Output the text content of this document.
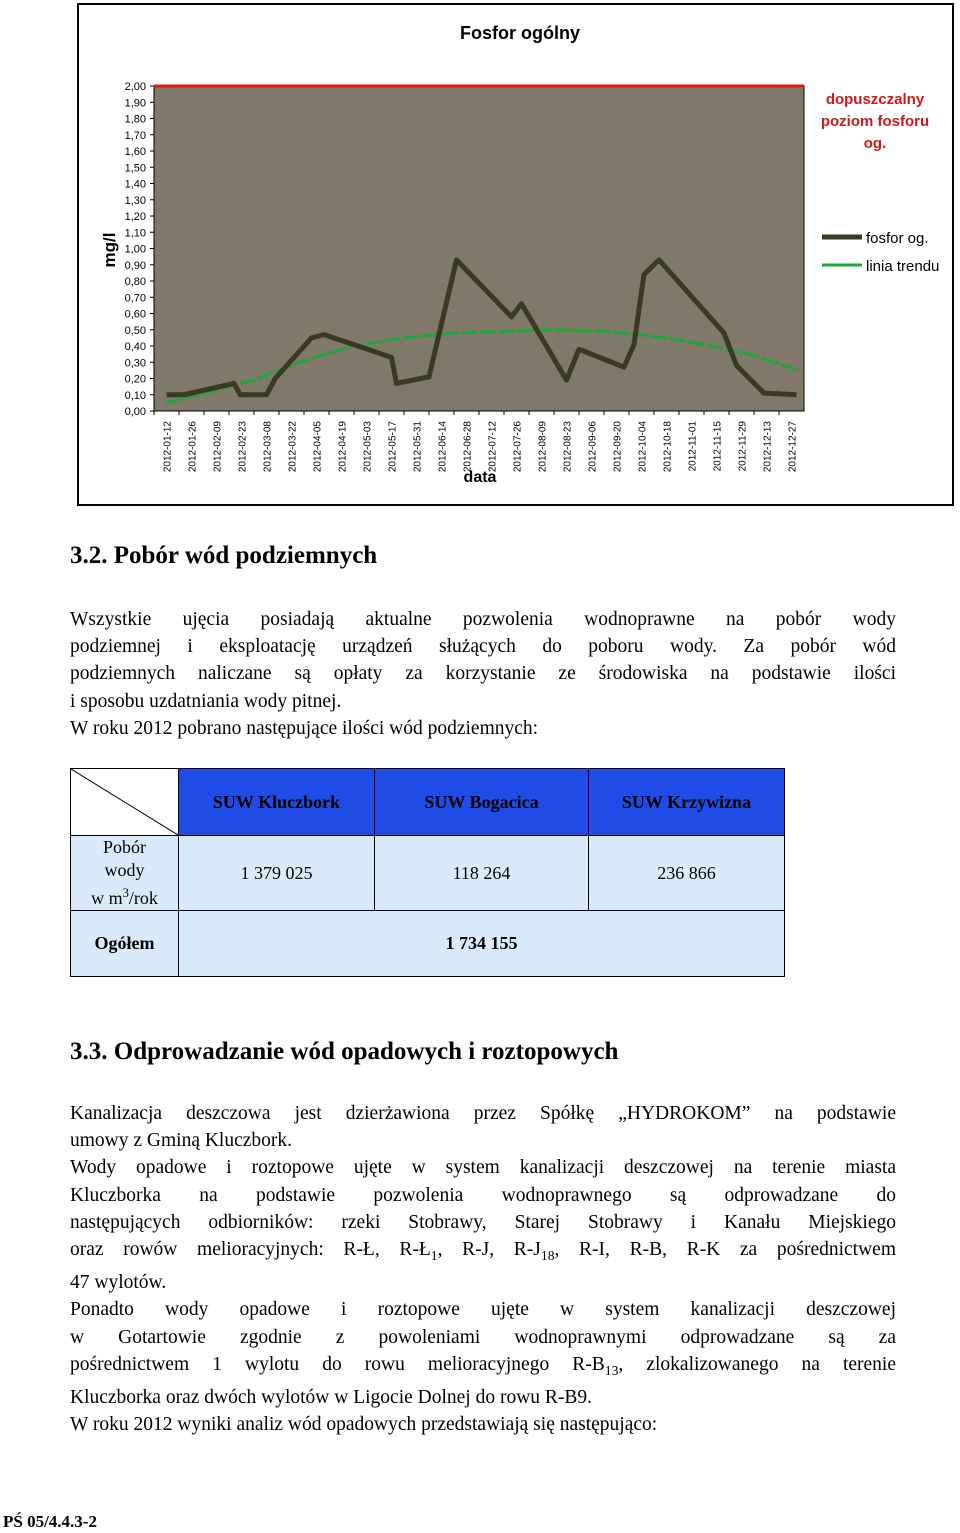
Fosfor ogólny
mg/l
data
2,00
1,90
1,80
1,70
1,60
1,50
1,40
1,30
1,20
1,10
1,00
0,90
0,80
0,70
0,60
0,50
0,40
0,30
0,20
0,10
0,00
2012-01-12 2012-01-26 2012-02-09 2012-02-23 2012-03-08 2012-03-22 2012-04-05 2012-04-19 2012-05-03 2012-05-17 2012-05-31 2012-06-14 2012-06-28 2012-07-12 2012-07-26 2012-08-09 2012-08-23 2012-09-06 2012-09-20 2012-10-04 2012-10-18 2012-11-01 2012-11-15 2012-11-29 2012-12-13 2012-12-27
dopuszczalny
poziom fosforu
og.
fosfor og.
linia trendu
3.2. Pobór wód podziemnych
Wszystkie ujęcia posiadają aktualne pozwolenia wodnoprawne na pobór wody
podziemnej i eksploatację urządzeń służących do poboru wody. Za pobór wód
podziemnych naliczane są opłaty za korzystanie ze środowiska na podstawie ilości
i sposobu uzdatniania wody pitnej.
W roku 2012 pobrano następujące ilości wód podziemnych:
	SUW Kluczbork	SUW Bogacica	SUW Krzywizna
Pobór
wody
w $m^3$/rok	1 379 025	118 264	236 866
Ogółem	1 734 155		
3.3. Odprowadzanie wód opadowych i roztopowych
Kanalizacja deszczowa jest dzierżawiona przez Spółkę „HYDROKOM” na podstawie
umowy z Gminą Kluczbork.
Wody opadowe i roztopowe ujęte w system kanalizacji deszczowej na terenie miasta
Kluczborka na podstawie pozwolenia wodnoprawnego są odprowadzane do
następujących odbiorników: rzeki Stobrawy, Starej Stobrawy i Kanału Miejskiego
oraz rowów melioracyjnych: R-Ł, $R-Ł_1$, R-J, $R-J_{18}$, R-I, R-B, R-K za pośrednictwem
47 wylotów.
Ponadto wody opadowe i roztopowe ujęte w system kanalizacji deszczowej
w Gotartowie zgodnie z powoleniami wodnoprawnymi odprowadzane są za
pośrednictwem 1 wylotu do rowu melioracyjnego $R-B_{13}$, zlokalizowanego na terenie
Kluczborka oraz dwóch wylotów w Ligocie Dolnej do rowu R-B9.
W roku 2012 wyniki analiz wód opadowych przedstawiają się następująco:
PŚ 05/4.4.3-2
